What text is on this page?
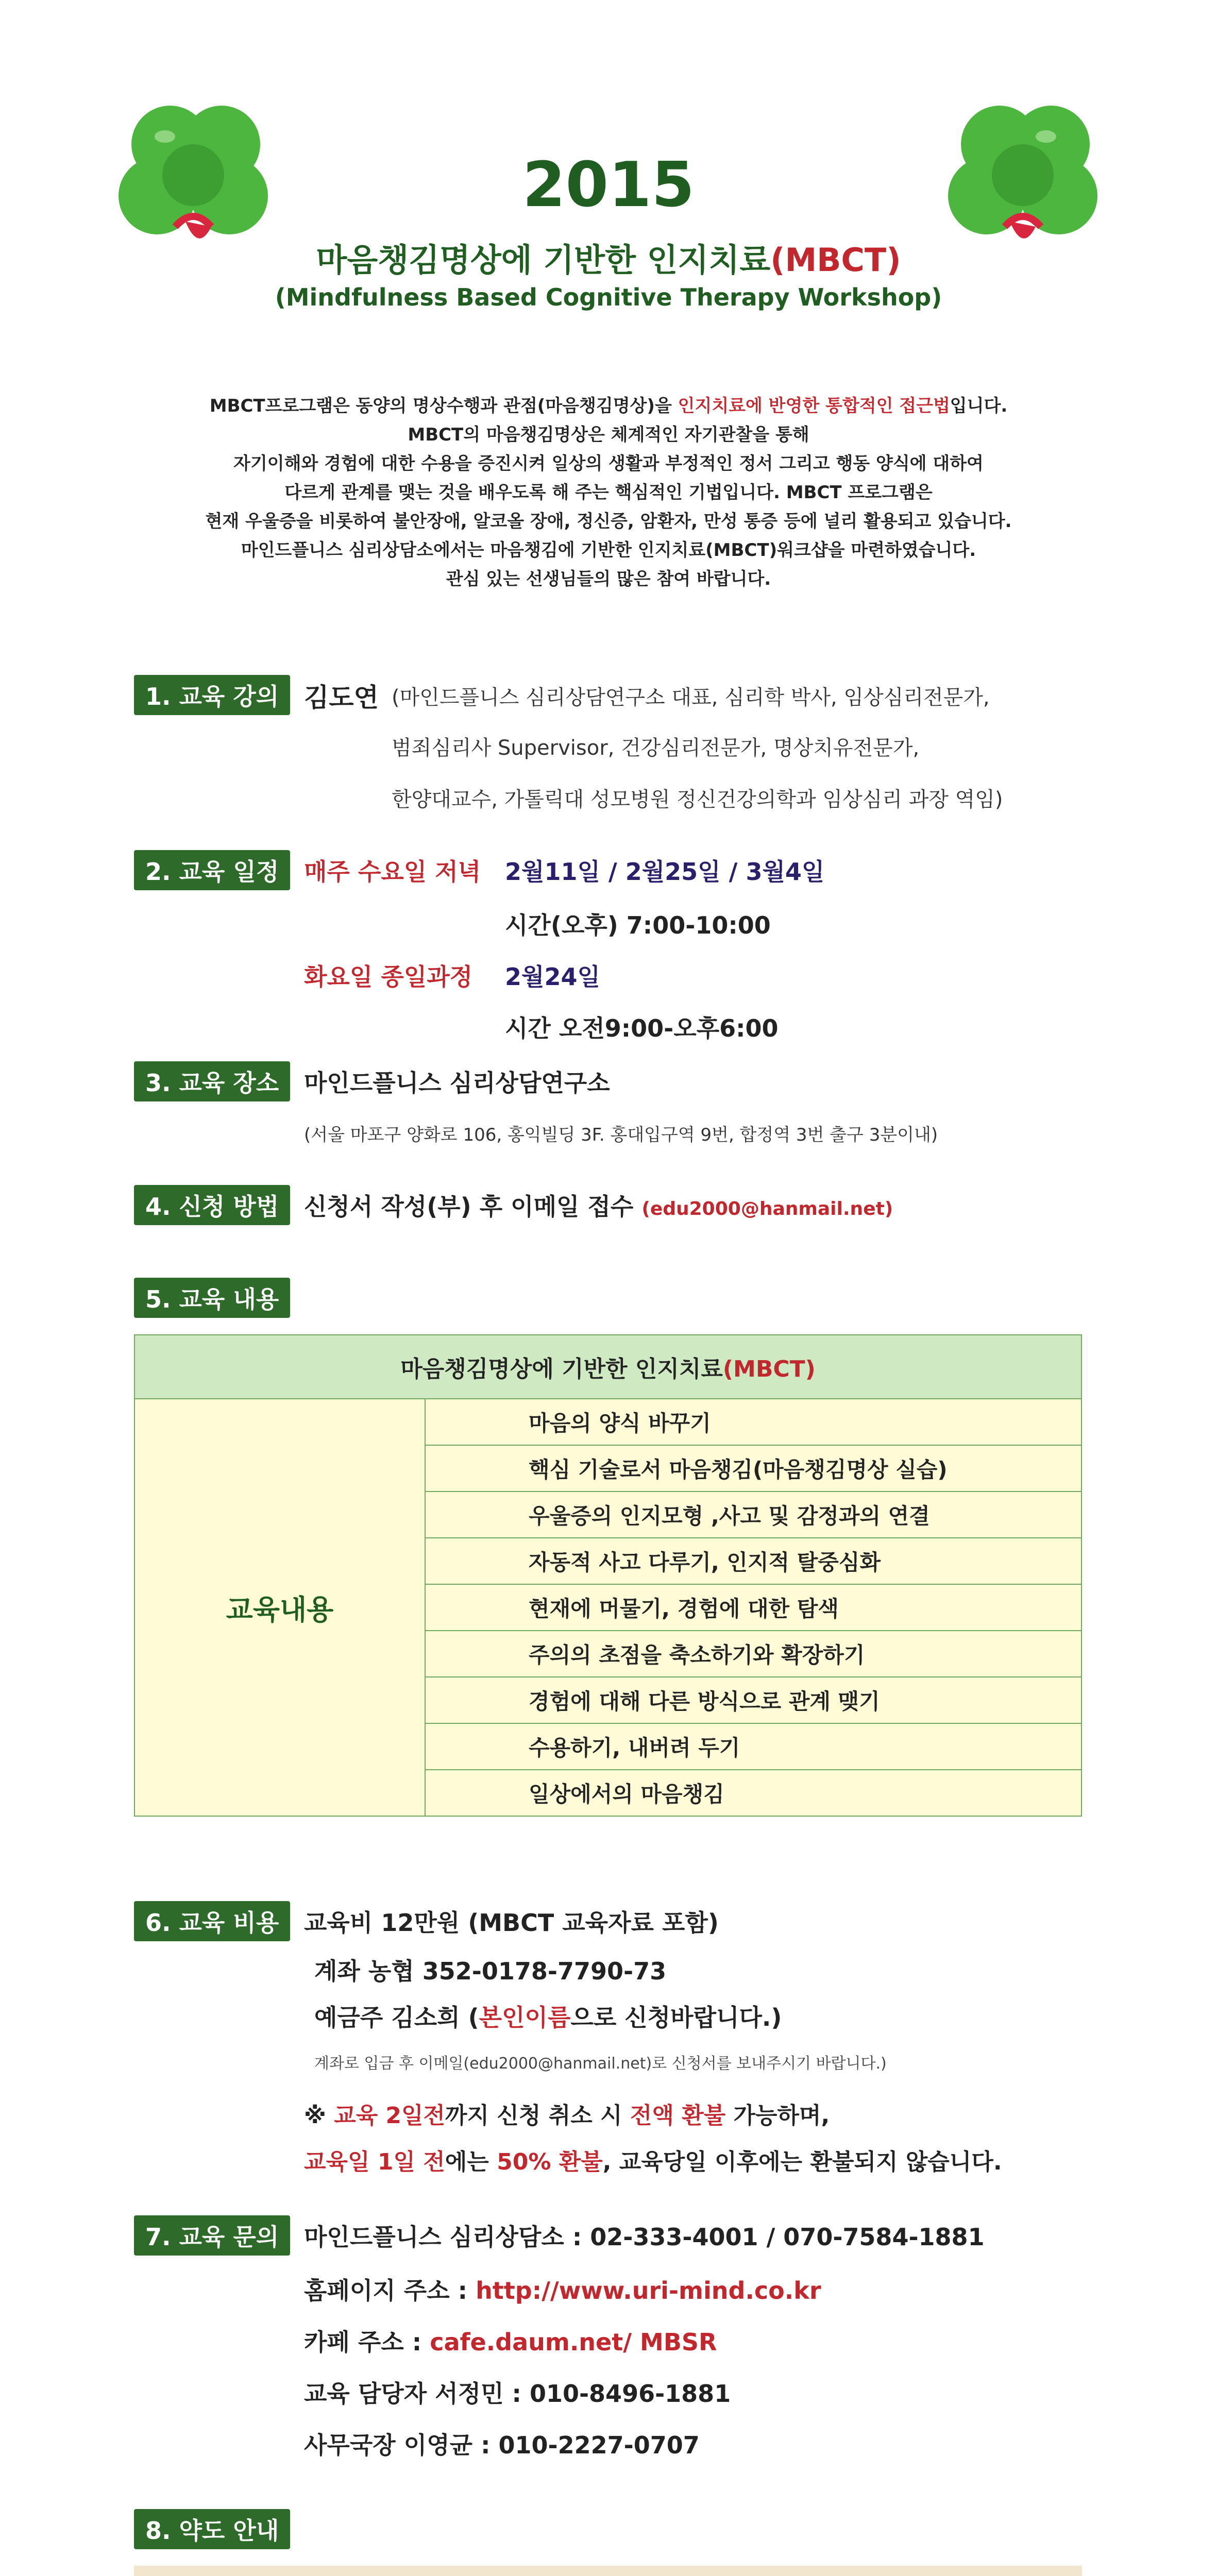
2015
마음챙김명상에 기반한 인지치료(MBCT)
(Mindfulness Based Cognitive Therapy Workshop)
MBCT프로그램은 동양의 명상수행과 관점(마음챙김명상)을 인지치료에 반영한 통합적인 접근법입니다.
MBCT의 마음챙김명상은 체계적인 자기관찰을 통해
자기이해와 경험에 대한 수용을 증진시켜 일상의 생활과 부정적인 정서 그리고 행동 양식에 대하여
다르게 관계를 맺는 것을 배우도록 해 주는 핵심적인 기법입니다. MBCT 프로그램은
현재 우울증을 비롯하여 불안장애, 알코올 장애, 정신증, 암환자, 만성 통증 등에 널리 활용되고 있습니다.
마인드플니스 심리상담소에서는 마음챙김에 기반한 인지치료(MBCT)워크샵을 마련하였습니다.
관심 있는 선생님들의 많은 참여 바랍니다.
1. 교육 강의 김도연 (마인드플니스 심리상담연구소 대표, 심리학 박사, 임상심리전문가,
범죄심리사 Supervisor, 건강심리전문가, 명상치유전문가,
한양대교수, 가톨릭대 성모병원 정신건강의학과 임상심리 과장 역임)
2. 교육 일정 매주 수요일 저녁 2월11일 / 2월25일 / 3월4일
시간(오후) 7:00-10:00
화요일 종일과정 2월24일
시간 오전9:00-오후6:00
3. 교육 장소 마인드플니스 심리상담연구소
(서울 마포구 양화로 106, 홍익빌딩 3F. 홍대입구역 9번, 합정역 3번 출구 3분이내)
4. 신청 방법 신청서 작성(부) 후 이메일 접수 (edu2000@hanmail.net)
5. 교육 내용
마음챙김명상에 기반한 인지치료(MBCT)
교육내용	마음의 양식 바꾸기
핵심 기술로서 마음챙김(마음챙김명상 실습)
우울증의 인지모형 ,사고 및 감정과의 연결
자동적 사고 다루기, 인지적 탈중심화
현재에 머물기, 경험에 대한 탐색
주의의 초점을 축소하기와 확장하기
경험에 대해 다른 방식으로 관계 맺기
수용하기, 내버려 두기
일상에서의 마음챙김
6. 교육 비용 교육비 12만원 (MBCT 교육자료 포함)
계좌 농협 352-0178-7790-73
예금주 김소희 (본인이름으로 신청바랍니다.)
계좌로 입금 후 이메일(edu2000@hanmail.net)로 신청서를 보내주시기 바랍니다.)
※ 교육 2일전까지 신청 취소 시 전액 환불 가능하며,
교육일 1일 전에는 50% 환불, 교육당일 이후에는 환불되지 않습니다.
7. 교육 문의 마인드플니스 심리상담소 : 02-333-4001 / 070-7584-1881
홈페이지 주소 : http://www.uri-mind.co.kr
카페 주소 : cafe.daum.net/ MBSR
교육 담당자 서정민 : 010-8496-1881
사무국장 이영균 : 010-2227-0707
8. 약도 안내
